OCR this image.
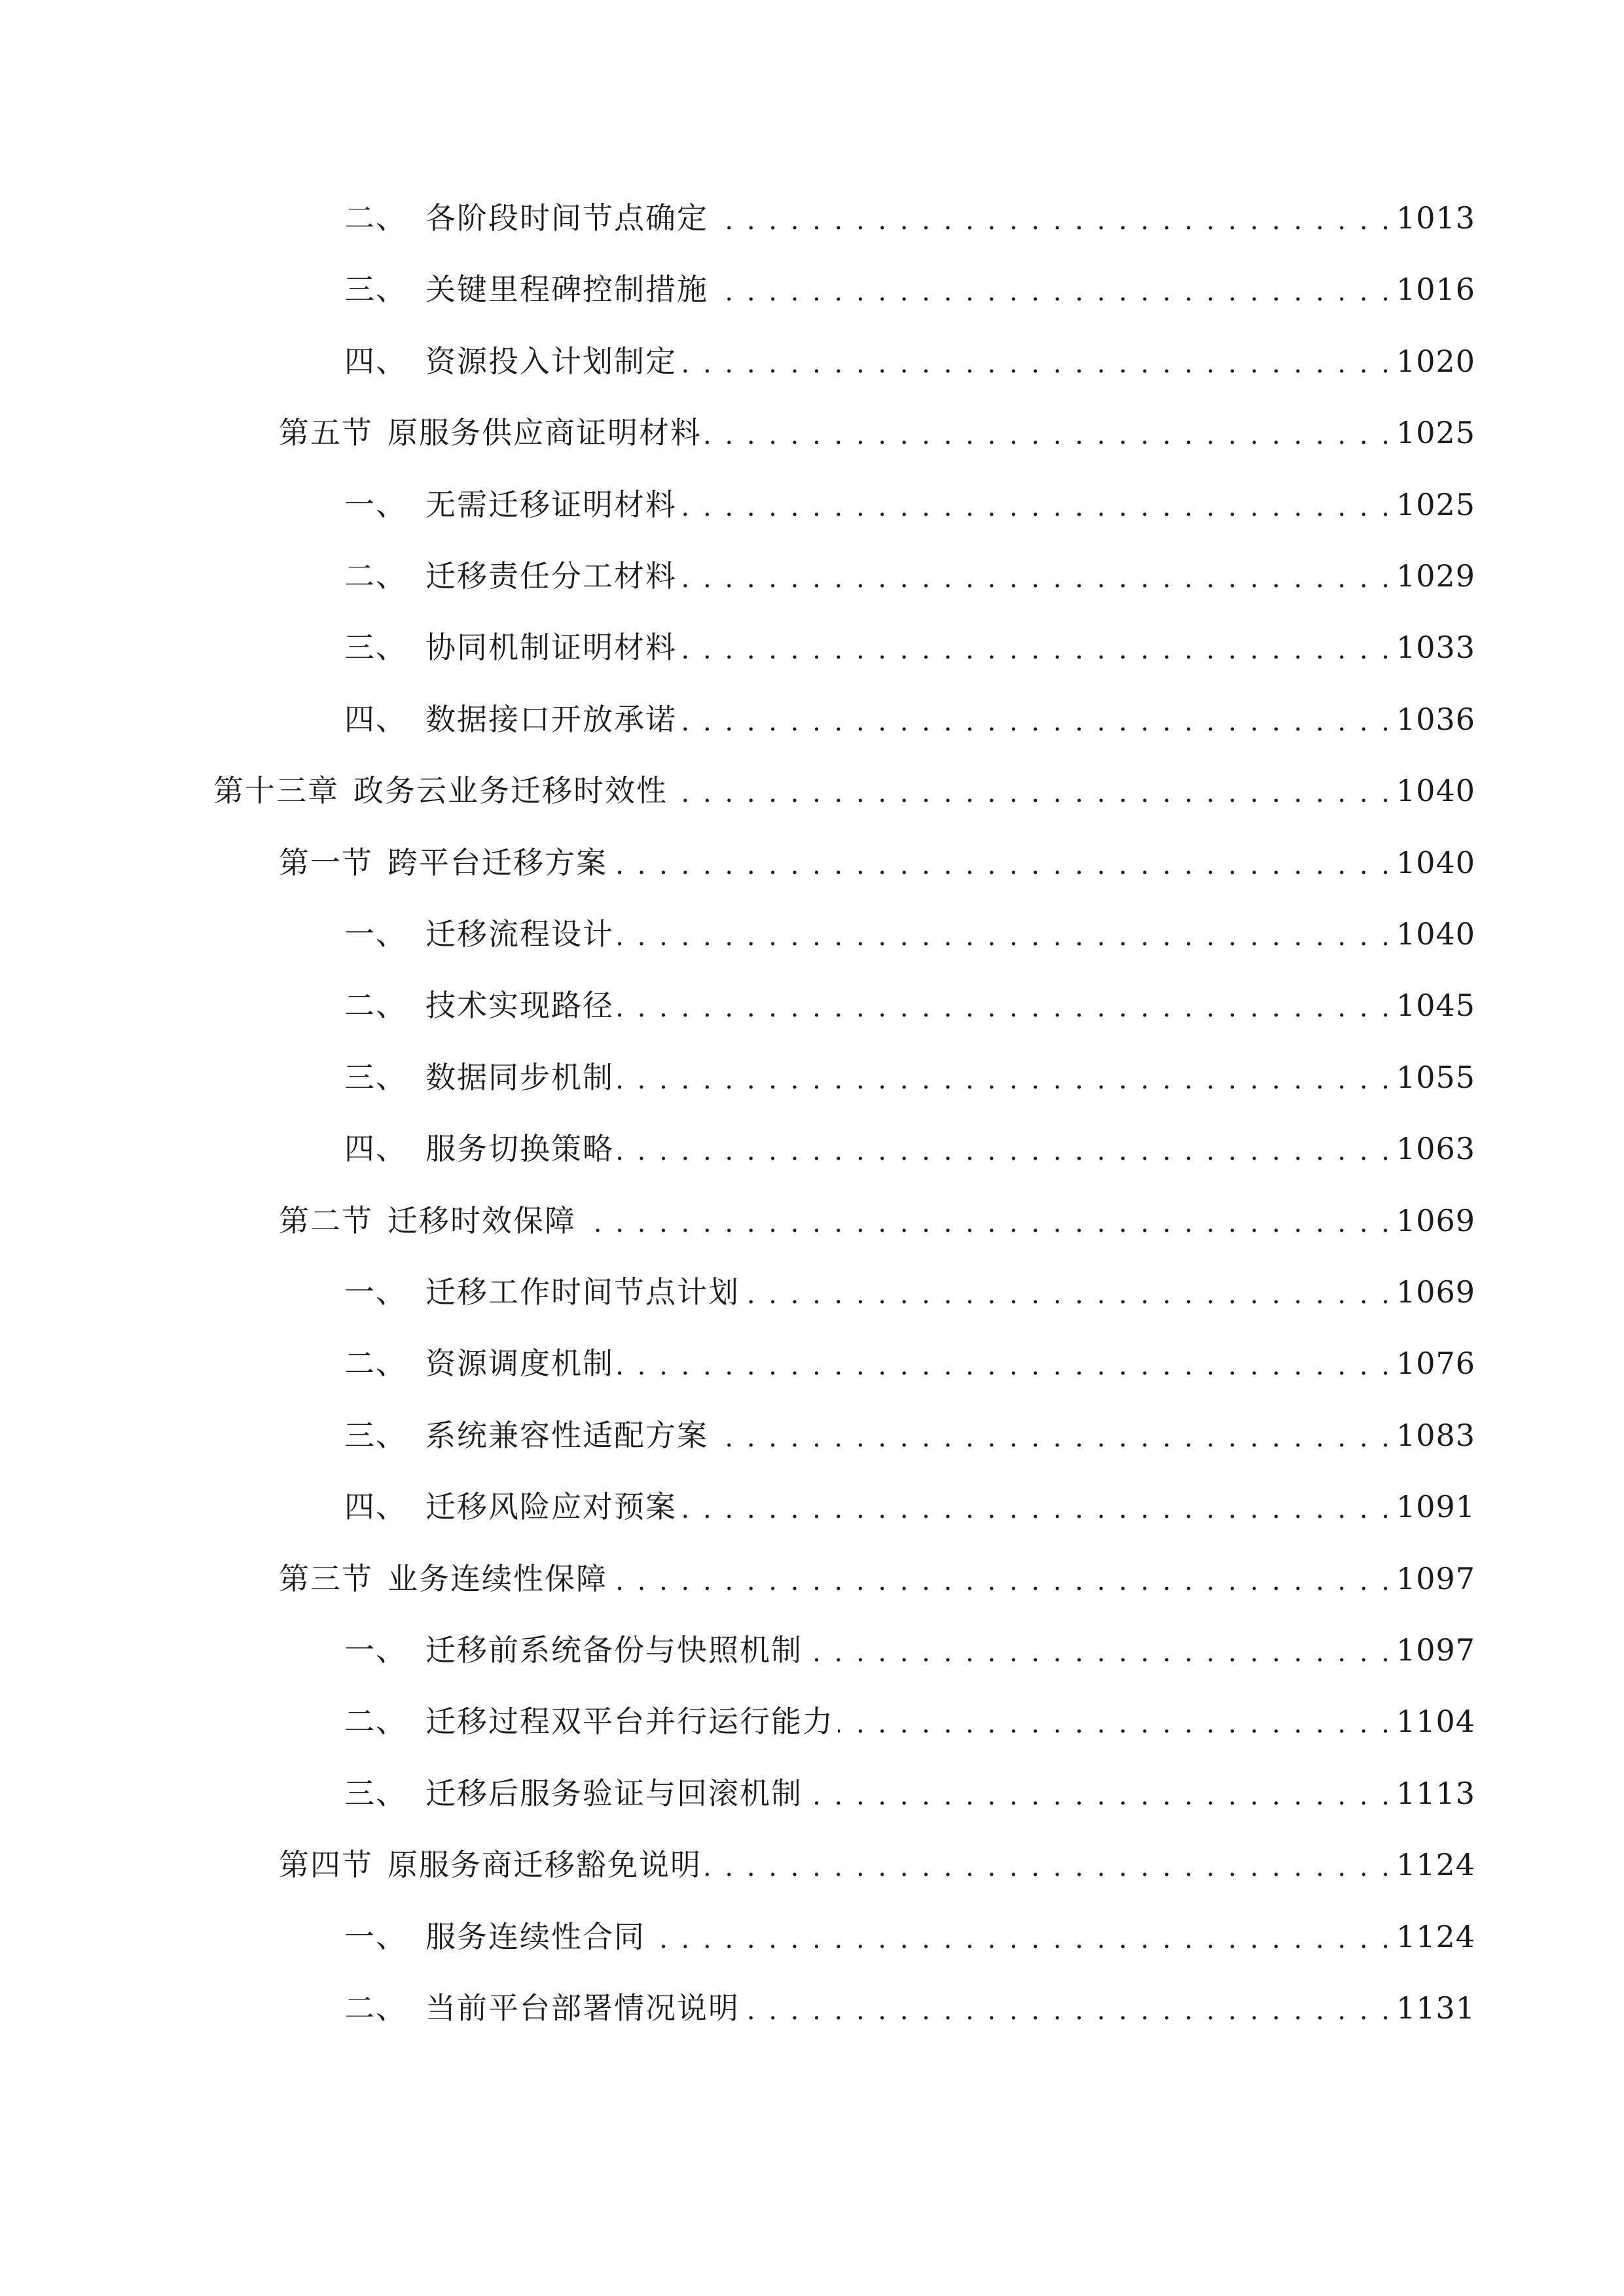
二、 各阶段时间节点确定 . . .	1013
三、 关键里程碑控制措施 . . .	1016
四、 资源投入计划制定 . . .	1020
第五节 原服务供应商证明材料 . . .	1025
一、 无需迁移证明材料 . . .	1025
二、 迁移责任分工材料 . . .	1029
三、 协同机制证明材料 . . .	1033
四、 数据接口开放承诺 . . .	1036
第十三章 政务云业务迁移时效性 . . .	1040
第一节 跨平台迁移方案 . . .	1040
一、 迁移流程设计 . . .	1040
二、 技术实现路径 . . .	1045
三、 数据同步机制 . . .	1055
四、 服务切换策略 . . .	1063
第二节 迁移时效保障 . . .	1069
一、 迁移工作时间节点计划 . . .	1069
二、 资源调度机制 . . .	1076
三、 系统兼容性适配方案 . . .	1083
四、 迁移风险应对预案 . . .	1091
第三节 业务连续性保障 . . .	1097
一、 迁移前系统备份与快照机制 . . .	1097
二、 迁移过程双平台并行运行能力 . . .	1104
三、 迁移后服务验证与回滚机制 . . .	1113
第四节 原服务商迁移豁免说明 . . .	1124
一、 服务连续性合同 . . .	1124
二、 当前平台部署情况说明 . . .	1131
